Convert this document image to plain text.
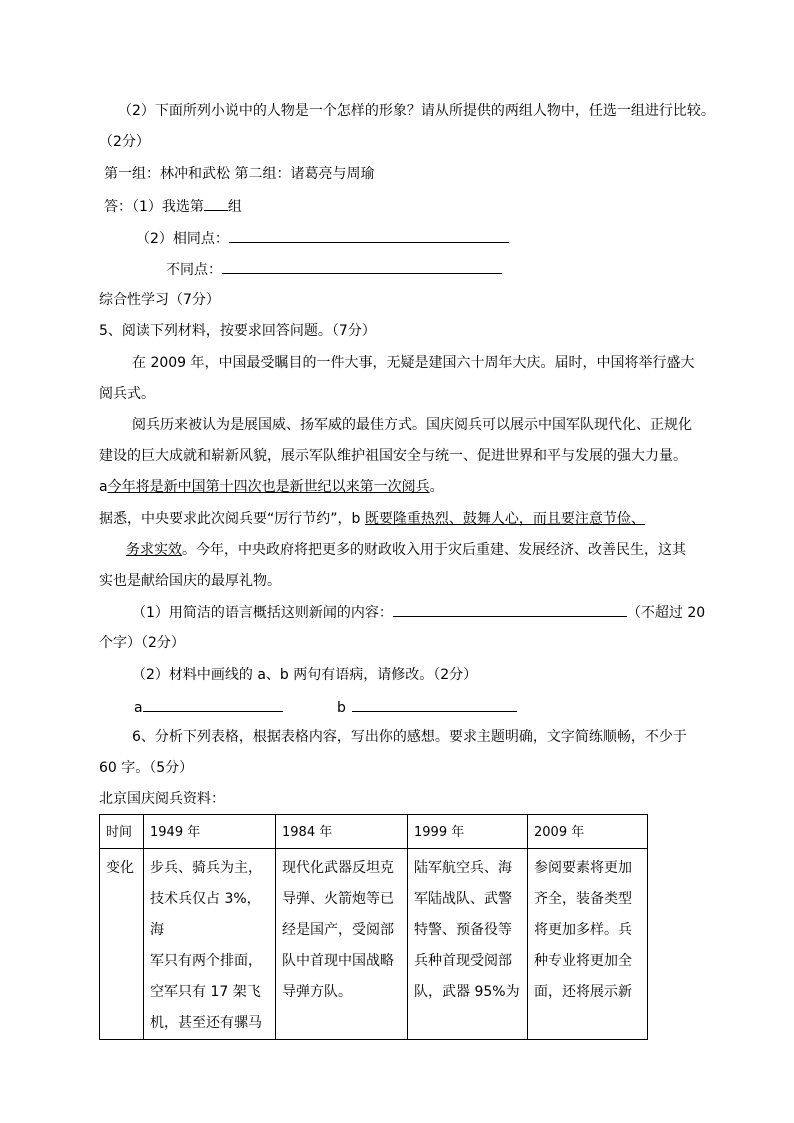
（2）下面所列小说中的人物是一个怎样的形象？请从所提供的两组人物中，任选一组进行比较。
（2分）
第一组：林冲和武松 第二组：诸葛亮与周瑜
答：（1）我选第 组
（2）相同点：
不同点：
综合性学习（7分）
5、阅读下列材料，按要求回答问题。（7分）
在 2009 年，中国最受瞩目的一件大事，无疑是建国六十周年大庆。届时，中国将举行盛大
阅兵式。
阅兵历来被认为是展国威、扬军威的最佳方式。国庆阅兵可以展示中国军队现代化、正规化
建设的巨大成就和崭新风貌，展示军队维护祖国安全与统一、促进世界和平与发展的强大力量。
a今年将是新中国第十四次也是新世纪以来第一次阅兵。
据悉，中央要求此次阅兵要“厉行节约”，b 既要隆重热烈、鼓舞人心，而且要注意节俭、
务求实效。今年，中央政府将把更多的财政收入用于灾后重建、发展经济、改善民生，这其
实也是献给国庆的最厚礼物。
（1）用简洁的语言概括这则新闻的内容：	（不超过 20
个字）（2分）
（2）材料中画线的 a、b 两句有语病，请修改。（2分）
a	b
6、分析下列表格，根据表格内容，写出你的感想。要求主题明确，文字简练顺畅，不少于
60 字。（5分）
北京国庆阅兵资料：
时间	1949 年	1984 年	1999 年	2009 年
变化	步兵、骑兵为主，
技术兵仅占 3%，海
军只有两个排面，
空军只有 17 架飞
机，甚至还有骡马	现代化武器反坦克
导弹、火箭炮等已
经是国产，受阅部
队中首现中国战略
导弹方队。	陆军航空兵、海
军陆战队、武警
特警、预备役等
兵种首现受阅部
队，武器 95%为	参阅要素将更加
齐全，装备类型
将更加多样。兵
种专业将更加全
面，还将展示新
